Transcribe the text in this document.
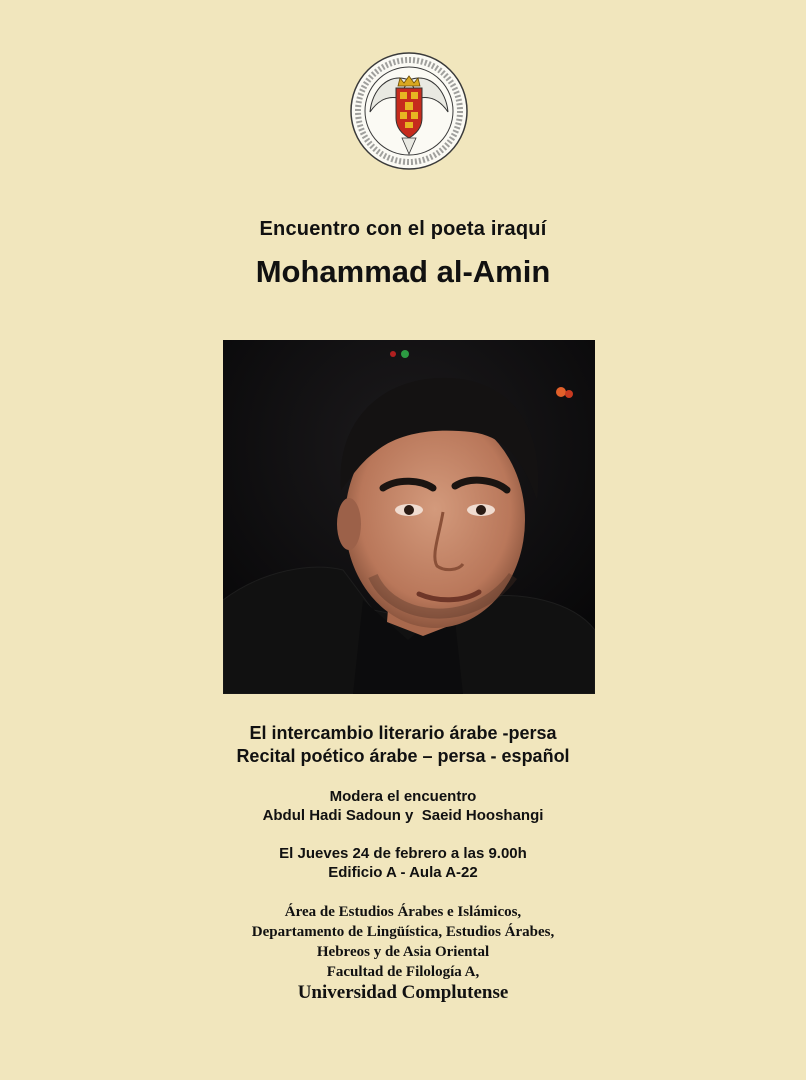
Encuentro con el poeta iraquí
Mohammad al-Amin
El intercambio literario árabe -persa
Recital poético árabe – persa - español
Modera el encuentro
Abdul Hadi Sadoun y  Saeid Hooshangi
El Jueves 24 de febrero a las 9.00h
Edificio A - Aula A-22
Área de Estudios Árabes e Islámicos,
Departamento de Lingüística, Estudios Árabes,
Hebreos y de Asia Oriental
Facultad de Filología A,
Universidad Complutense
